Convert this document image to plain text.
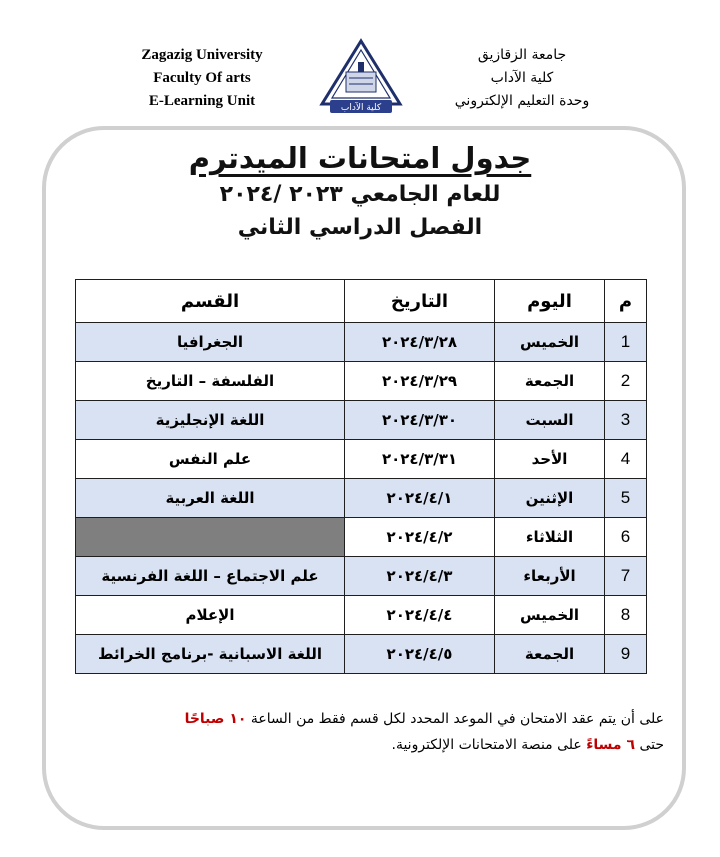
Zagazig University
Faculty Of arts
E-Learning Unit	كلية الآداب
جامعة الزقازيق
كلية الآداب
وحدة التعليم الإلكتروني
جدول امتحانات الميدترم
للعام الجامعي ٢٠٢٣ /٢٠٢٤
الفصل الدراسي الثاني
م	اليوم	التاريخ	القسم
1	الخميس	٢٠٢٤/٣/٢٨	الجغرافيا
2	الجمعة	٢٠٢٤/٣/٢٩	الفلسفة – التاريخ
3	السبت	٢٠٢٤/٣/٣٠	اللغة الإنجليزية
4	الأحد	٢٠٢٤/٣/٣١	علم النفس
5	الإثنين	٢٠٢٤/٤/١	اللغة العربية
6	الثلاثاء	٢٠٢٤/٤/٢	
7	الأربعاء	٢٠٢٤/٤/٣	علم الاجتماع – اللغة الفرنسية
8	الخميس	٢٠٢٤/٤/٤	الإعلام
9	الجمعة	٢٠٢٤/٤/٥	اللغة الاسبانية -برنامج الخرائط
على أن يتم عقد الامتحان في الموعد المحدد لكل قسم فقط من الساعة ١٠ صباحًا
حتى ٦ مساءً على منصة الامتحانات الإلكترونية.
